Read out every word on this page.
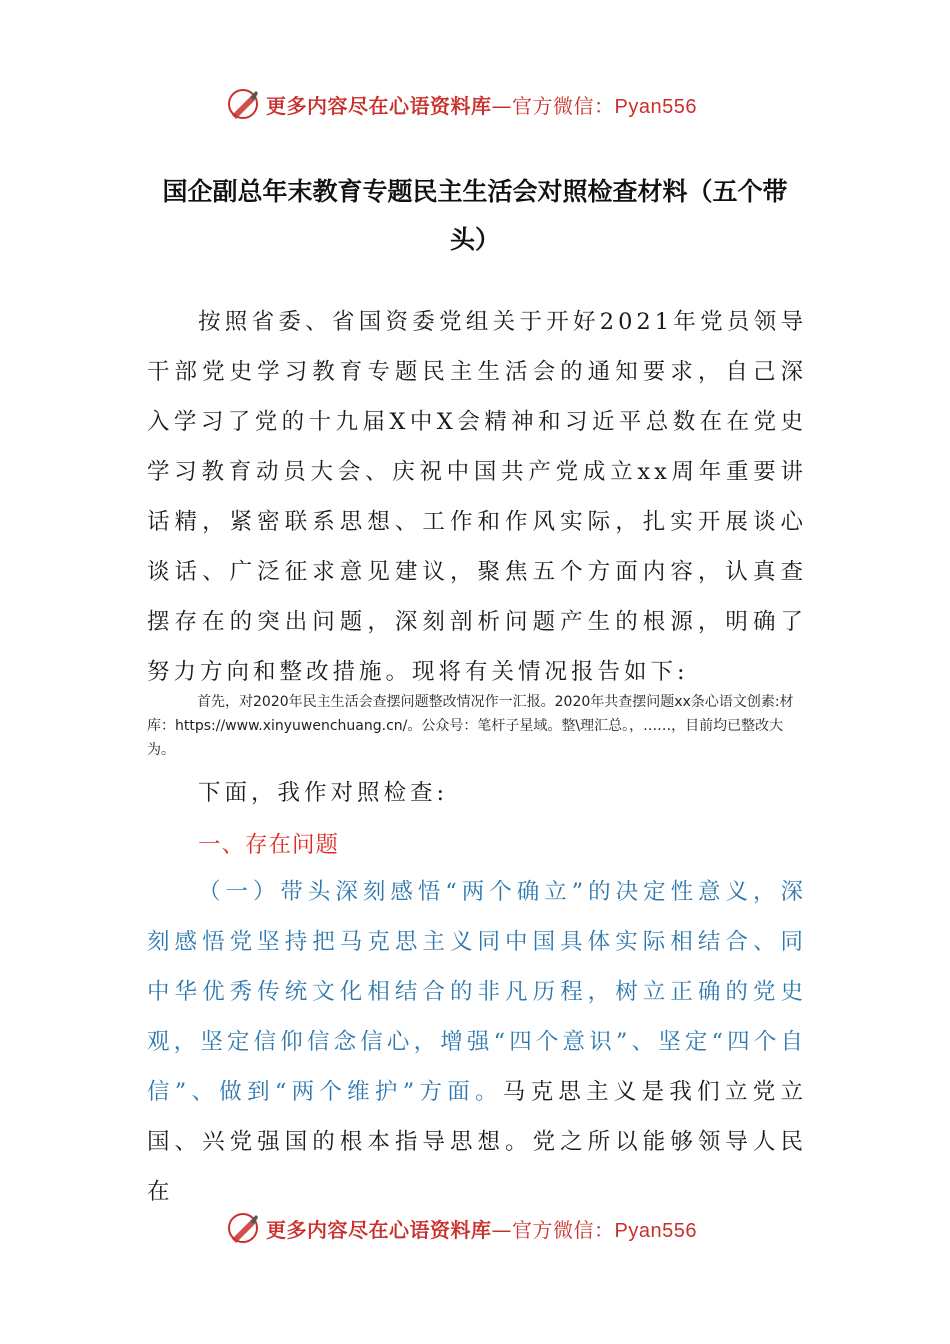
更多内容尽在心语资料库—官方微信：Pyan556
国企副总年末教育专题民主生活会对照检查材料（五个带头）
按照省委、省国资委党组关于开好2021年党员领导干部党史学习教育专题民主生活会的通知要求，自己深入学习了党的十九届X中X会精神和习近平总数在在党史学习教育动员大会、庆祝中国共产党成立xx周年重要讲话精，紧密联系思想、工作和作风实际，扎实开展谈心谈话、广泛征求意见建议，聚焦五个方面内容，认真查摆存在的突出问题，深刻剖析问题产生的根源，明确了努力方向和整改措施。现将有关情况报告如下:
首先，对2020年民主生活会查摆问题整改情况作一汇报。2020年共查摆问题xx条心语文创素:材库：https://www.xinyuwenchuang.cn/。公众号：笔杆子星域。整\理汇总。，……，目前均已整改大为。
下面，我作对照检查:
一、存在问题
（一）带头深刻感悟“两个确立”的决定性意义，深刻感悟党坚持把马克思主义同中国具体实际相结合、同中华优秀传统文化相结合的非凡历程，树立正确的党史观，坚定信仰信念信心，增强“四个意识”、坚定“四个自信”、做到“两个维护”方面。马克思主义是我们立党立国、兴党强国的根本指导思想。党之所以能够领导人民在
更多内容尽在心语资料库—官方微信：Pyan556
